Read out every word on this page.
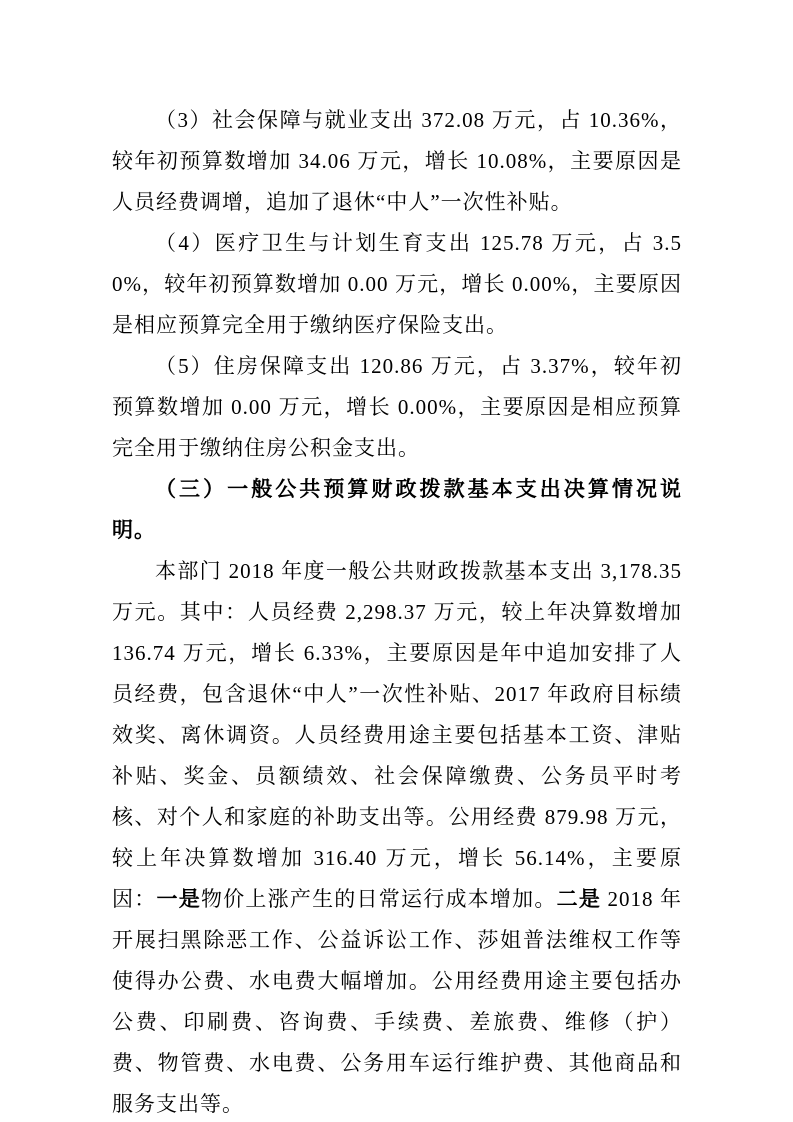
（3）社会保障与就业支出 372.08 万元，占 10.36%，较年初预算数增加 34.06 万元，增长 10.08%，主要原因是人员经费调增，追加了退休“中人”一次性补贴。

（4）医疗卫生与计划生育支出 125.78 万元，占 3.50%，较年初预算数增加 0.00 万元，增长 0.00%，主要原因是相应预算完全用于缴纳医疗保险支出。

（5）住房保障支出 120.86 万元，占 3.37%，较年初预算数增加 0.00 万元，增长 0.00%，主要原因是相应预算完全用于缴纳住房公积金支出。

（三）一般公共预算财政拨款基本支出决算情况说明。

本部门 2018 年度一般公共财政拨款基本支出 3,178.35 万元。其中：人员经费 2,298.37 万元，较上年决算数增加 136.74 万元，增长 6.33%，主要原因是年中追加安排了人员经费，包含退休“中人”一次性补贴、2017 年政府目标绩效奖、离休调资。人员经费用途主要包括基本工资、津贴补贴、奖金、员额绩效、社会保障缴费、公务员平时考核、对个人和家庭的补助支出等。公用经费 879.98 万元，较上年决算数增加 316.40 万元，增长 56.14%，主要原因：一是物价上涨产生的日常运行成本增加。二是 2018 年开展扫黑除恶工作、公益诉讼工作、莎姐普法维权工作等使得办公费、水电费大幅增加。公用经费用途主要包括办公费、印刷费、咨询费、手续费、差旅费、维修（护）费、物管费、水电费、公务用车运行维护费、其他商品和服务支出等。
